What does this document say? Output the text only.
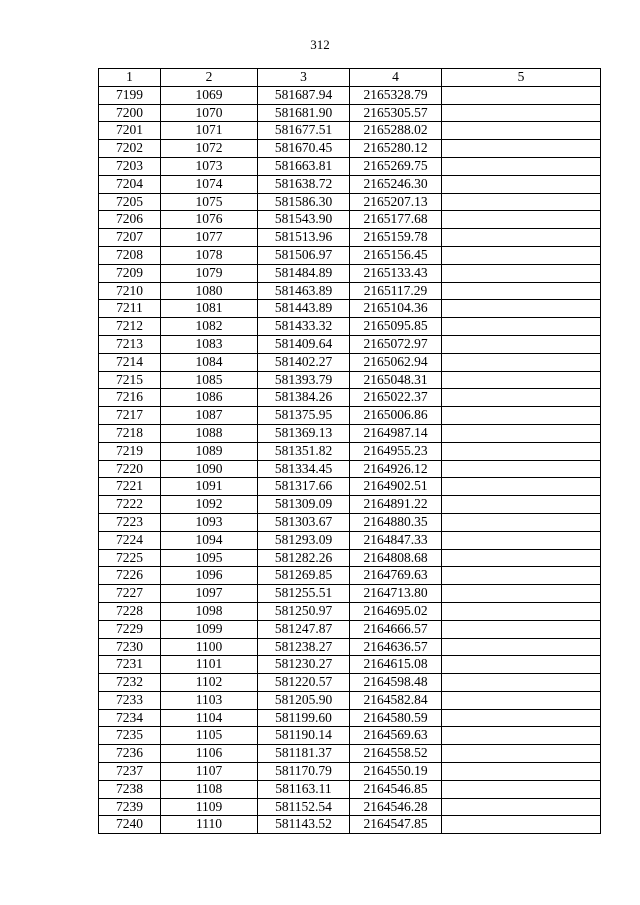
312
1	2	3	4	5
7199	1069	581687.94	2165328.79	
7200	1070	581681.90	2165305.57	
7201	1071	581677.51	2165288.02	
7202	1072	581670.45	2165280.12	
7203	1073	581663.81	2165269.75	
7204	1074	581638.72	2165246.30	
7205	1075	581586.30	2165207.13	
7206	1076	581543.90	2165177.68	
7207	1077	581513.96	2165159.78	
7208	1078	581506.97	2165156.45	
7209	1079	581484.89	2165133.43	
7210	1080	581463.89	2165117.29	
7211	1081	581443.89	2165104.36	
7212	1082	581433.32	2165095.85	
7213	1083	581409.64	2165072.97	
7214	1084	581402.27	2165062.94	
7215	1085	581393.79	2165048.31	
7216	1086	581384.26	2165022.37	
7217	1087	581375.95	2165006.86	
7218	1088	581369.13	2164987.14	
7219	1089	581351.82	2164955.23	
7220	1090	581334.45	2164926.12	
7221	1091	581317.66	2164902.51	
7222	1092	581309.09	2164891.22	
7223	1093	581303.67	2164880.35	
7224	1094	581293.09	2164847.33	
7225	1095	581282.26	2164808.68	
7226	1096	581269.85	2164769.63	
7227	1097	581255.51	2164713.80	
7228	1098	581250.97	2164695.02	
7229	1099	581247.87	2164666.57	
7230	1100	581238.27	2164636.57	
7231	1101	581230.27	2164615.08	
7232	1102	581220.57	2164598.48	
7233	1103	581205.90	2164582.84	
7234	1104	581199.60	2164580.59	
7235	1105	581190.14	2164569.63	
7236	1106	581181.37	2164558.52	
7237	1107	581170.79	2164550.19	
7238	1108	581163.11	2164546.85	
7239	1109	581152.54	2164546.28	
7240	1110	581143.52	2164547.85	
